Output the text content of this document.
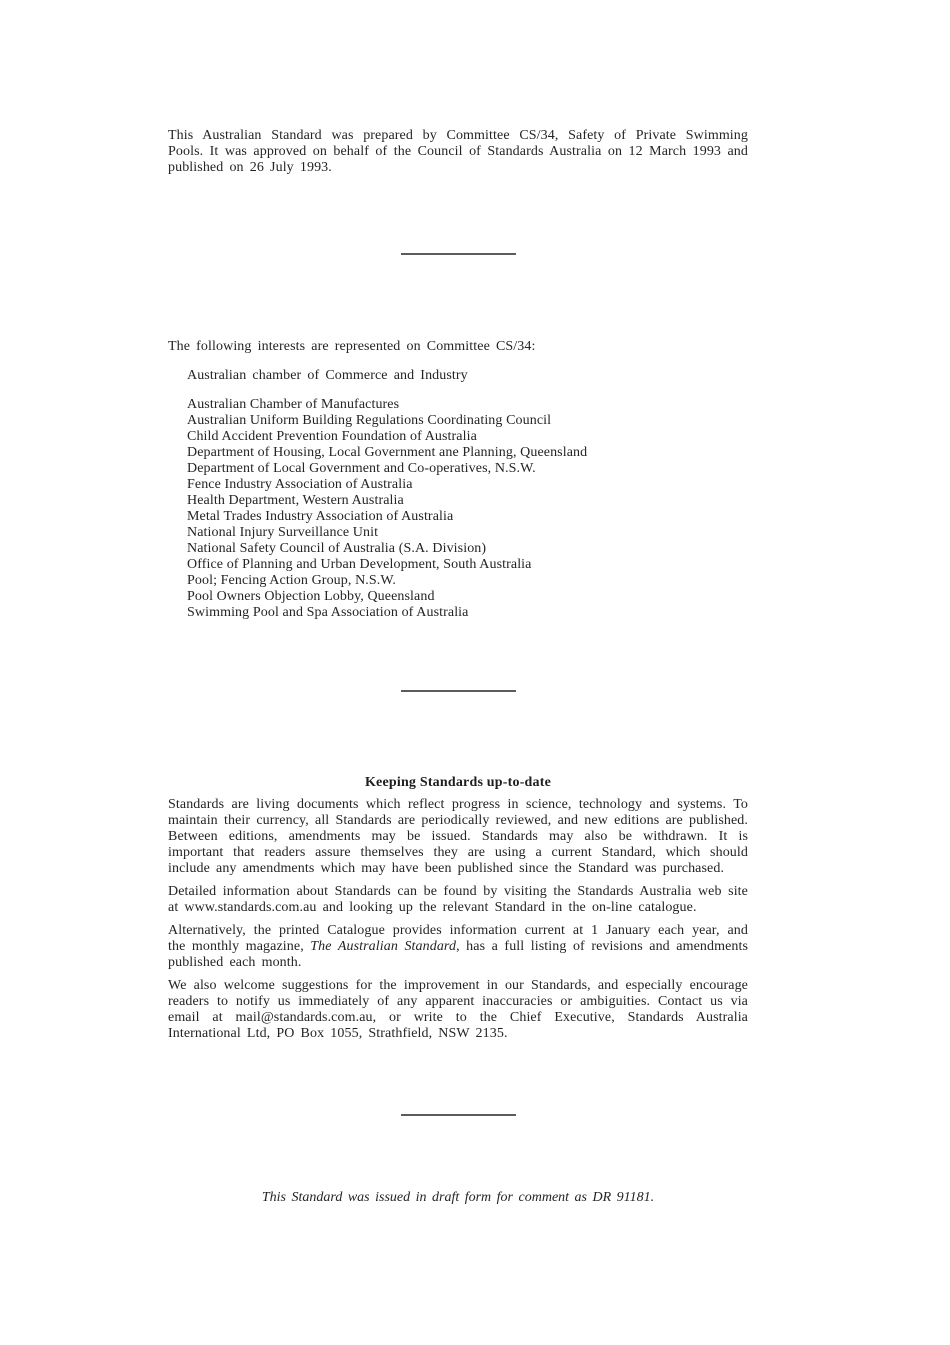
This Australian Standard was prepared by Committee CS/34, Safety of Private Swimming Pools. It was approved on behalf of the Council of Standards Australia on 12 March 1993 and published on 26 July 1993.

The following interests are represented on Committee CS/34:

Australian chamber of Commerce and Industry

Australian Chamber of Manufactures
Australian Uniform Building Regulations Coordinating Council
Child Accident Prevention Foundation of Australia
Department of Housing, Local Government ane Planning, Queensland
Department of Local Government and Co-operatives, N.S.W.
Fence Industry Association of Australia
Health Department, Western Australia
Metal Trades Industry Association of Australia
National Injury Surveillance Unit
National Safety Council of Australia (S.A. Division)
Office of Planning and Urban Development, South Australia
Pool; Fencing Action Group, N.S.W.
Pool Owners Objection Lobby, Queensland
Swimming Pool and Spa Association of Australia
Keeping Standards up-to-date

Standards are living documents which reflect progress in science, technology and systems. To maintain their currency, all Standards are periodically reviewed, and new editions are published. Between editions, amendments may be issued. Standards may also be withdrawn. It is important that readers assure themselves they are using a current Standard, which should include any amendments which may have been published since the Standard was purchased.

Detailed information about Standards can be found by visiting the Standards Australia web site at www.standards.com.au and looking up the relevant Standard in the on-line catalogue.

Alternatively, the printed Catalogue provides information current at 1 January each year, and the monthly magazine, The Australian Standard, has a full listing of revisions and amendments published each month.

We also welcome suggestions for the improvement in our Standards, and especially encourage readers to notify us immediately of any apparent inaccuracies or ambiguities. Contact us via email at mail@standards.com.au, or write to the Chief Executive, Standards Australia International Ltd, PO Box 1055, Strathfield, NSW 2135.

This Standard was issued in draft form for comment as DR 91181.
